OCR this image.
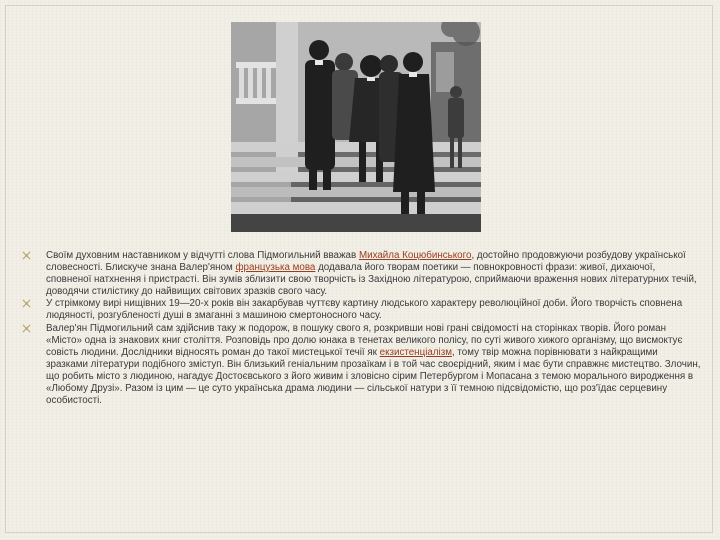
Своїм духовним наставником у відчутті слова Підмогильний вважав Михайла Коцюбинського, достойно продовжуючи розбудову української словесності. Блискуче знана Валер'яном французька мова додавала його творам поетики — повнокровності фрази: живої, дихаючої, сповненої натхнення і пристрасті. Він зумів зблизити свою творчість із Західною літературою, сприймаючи враження нових літературних течій, доводячи стилістику до найвищих світових зразків свого часу.

У стрімкому вирі нищівних 19—20-х років він закарбував чуттєву картину людського характеру революційної доби. Його творчість сповнена людяності, розгубленості душі в змаганні з машиною смертоносного часу.

Валер'ян Підмогильний сам здійснив таку ж подорож, в пошуку свого я, розкривши нові грані свідомості на сторінках творів. Його роман «Місто» одна із знакових книг століття. Розповідь про долю юнака в тенетах великого полісу, по суті живого хижого організму, що висмоктує совість людини. Дослідники відносять роман до такої мистецької течії як екзистенціалізм, тому твір можна порівнювати з найкращими зразками літератури подібного зміступ. Він близький геніальним прозаїкам і в той час своєрідний, яким і має бути справжнє мистецтво. Злочин, що робить місто з людиною, нагадує Достоєвського з його живим і зловісно сірим Петербургом і Мопасана з темою морального виродження в «Любому Друзі». Разом із цим — це суто українська драма людини — сільської натури з її темною підсвідомістю, що роз'їдає серцевину особистості.
